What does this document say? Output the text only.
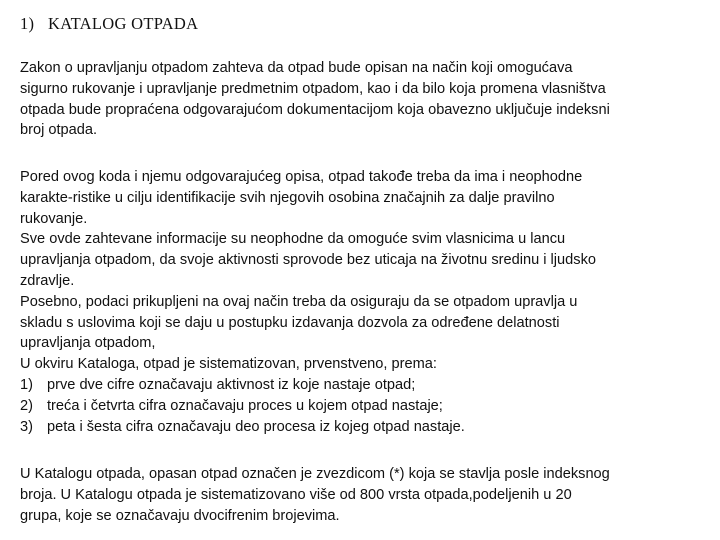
1) KATALOG OTPADA
Zakon o upravljanju otpadom zahteva da otpad bude opisan na način koji omogućava
sigurno rukovanje i upravljanje predmetnim otpadom, kao i da bilo koja promena vlasništva
otpada bude propraćena odgovarajućom dokumentacijom koja obavezno uključuje indeksni
broj otpada.
Pored ovog koda i njemu odgovarajućeg opisa, otpad takođe treba da ima i neophodne
karakte-ristike u cilju identifikacije svih njegovih osobina značajnih za dalje pravilno
rukovanje.
Sve ovde zahtevane informacije su neophodne da omoguće svim vlasnicima u lancu
upravljanja otpadom, da svoje aktivnosti sprovode bez uticaja na životnu sredinu i ljudsko
zdravlje.
Posebno, podaci prikupljeni na ovaj način treba da osiguraju da se otpadom upravlja u
skladu s uslovima koji se daju u postupku izdavanja dozvola za određene delatnosti
upravljanja otpadom,
U okviru Kataloga, otpad je sistematizovan, prvenstveno, prema:
1) prve dve cifre označavaju aktivnost iz koje nastaje otpad;
2) treća i četvrta cifra označavaju proces u kojem otpad nastaje;
3) peta i šesta cifra označavaju deo procesa iz kojeg otpad nastaje.
U Katalogu otpada, opasan otpad označen je zvezdicom (*) koja se stavlja posle indeksnog
broja. U Katalogu otpada je sistematizovano više od 800 vrsta otpada,podeljenih u 20
grupa, koje se označavaju dvocifrenim brojevima.
